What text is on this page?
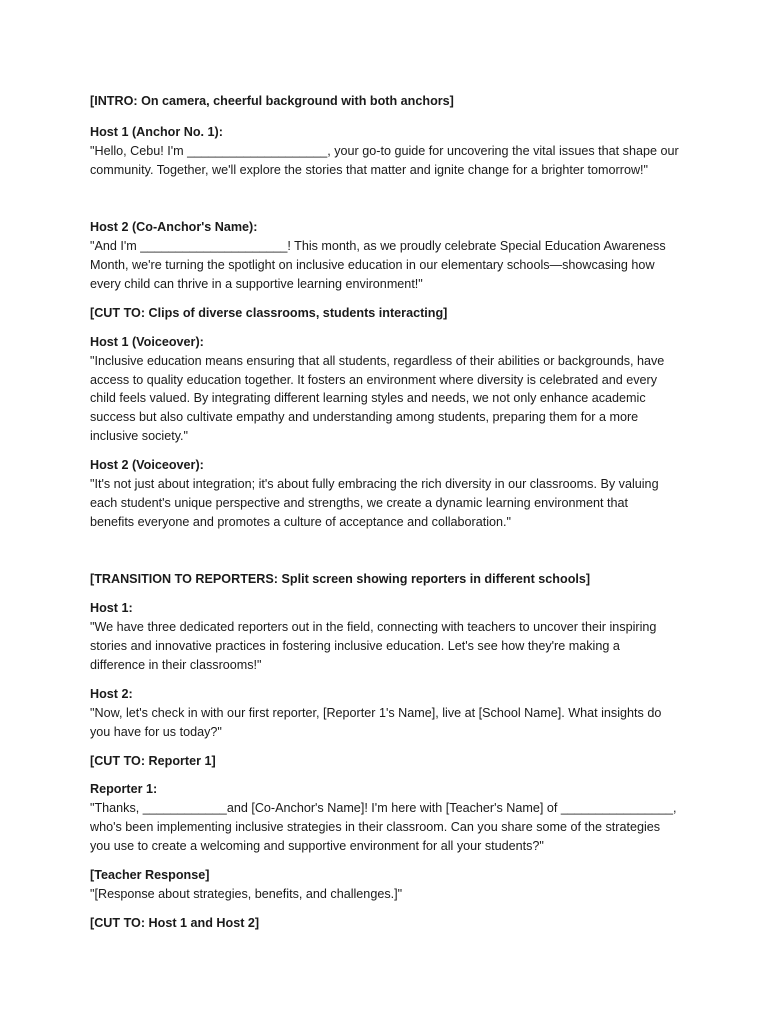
[INTRO: On camera, cheerful background with both anchors]

Host 1 (Anchor No. 1):

"Hello, Cebu! I'm ____________________, your go-to guide for uncovering the vital issues that shape our

community. Together, we'll explore the stories that matter and ignite change for a brighter tomorrow!"

Host 2 (Co-Anchor's Name):

"And I'm _____________________! This month, as we proudly celebrate Special Education Awareness

Month, we're turning the spotlight on inclusive education in our elementary schools—showcasing how

every child can thrive in a supportive learning environment!"

[CUT TO: Clips of diverse classrooms, students interacting]

Host 1 (Voiceover):

"Inclusive education means ensuring that all students, regardless of their abilities or backgrounds, have

access to quality education together. It fosters an environment where diversity is celebrated and every

child feels valued. By integrating different learning styles and needs, we not only enhance academic

success but also cultivate empathy and understanding among students, preparing them for a more

inclusive society."

Host 2 (Voiceover):

"It's not just about integration; it's about fully embracing the rich diversity in our classrooms. By valuing

each student's unique perspective and strengths, we create a dynamic learning environment that

benefits everyone and promotes a culture of acceptance and collaboration."

[TRANSITION TO REPORTERS: Split screen showing reporters in different schools]

Host 1:

"We have three dedicated reporters out in the field, connecting with teachers to uncover their inspiring

stories and innovative practices in fostering inclusive education. Let's see how they're making a

difference in their classrooms!"

Host 2:

"Now, let's check in with our first reporter, [Reporter 1's Name], live at [School Name]. What insights do

you have for us today?"

[CUT TO: Reporter 1]

Reporter 1:

"Thanks, ____________and [Co-Anchor's Name]! I'm here with [Teacher's Name] of ________________,

who's been implementing inclusive strategies in their classroom. Can you share some of the strategies

you use to create a welcoming and supportive environment for all your students?"

[Teacher Response]

"[Response about strategies, benefits, and challenges.]"

[CUT TO: Host 1 and Host 2]
